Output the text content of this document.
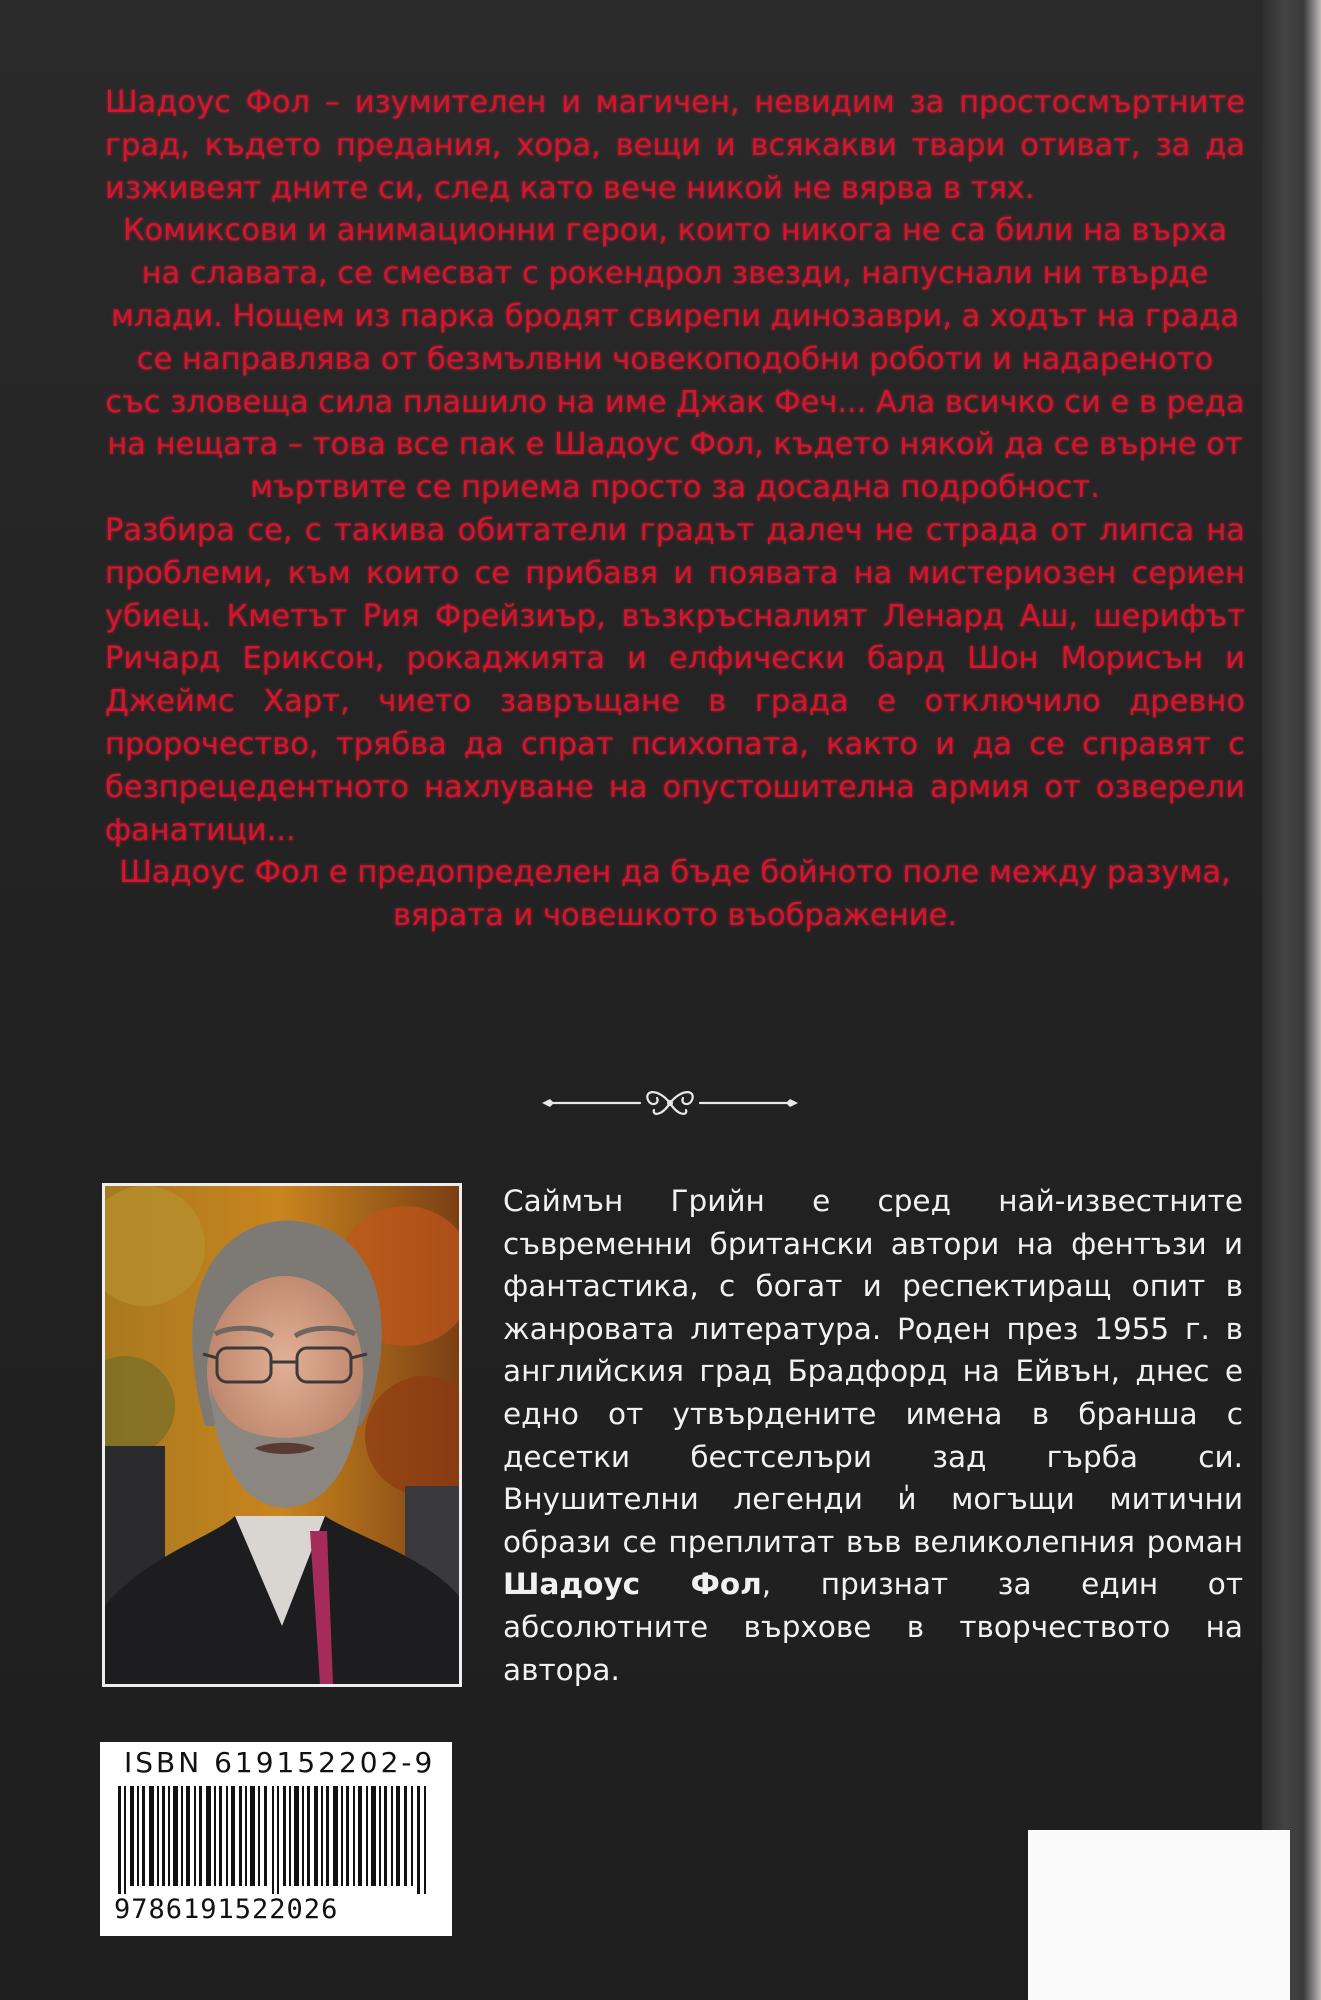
Шадоус Фол – изумителен и магичен, невидим за простосмъртните град, където предания, хора, вещи и всякакви твари отиват, за да изживеят дните си, след като вече никой не вярва в тях.

Комиксови и анимационни герои, които никога не са били на върха на славата, се смесват с рокендрол звезди, напуснали ни твърде млади. Нощем из парка бродят свирепи динозаври, а ходът на града се направлява от безмълвни човекоподобни роботи и надареното със зловеща сила плашило на име Джак Феч... Ала всичко си е в реда на нещата – това все пак е Шадоус Фол, където някой да се върне от мъртвите се приема просто за досадна подробност.

Разбира се, с такива обитатели градът далеч не страда от липса на проблеми, към които се прибавя и появата на мистериозен сериен убиец. Кметът Рия Фрейзиър, възкръсналият Ленард Аш, шерифът Ричард Ериксон, рокаджията и елфически бард Шон Морисън и Джеймс Харт, чието завръщане в града е отключило древно пророчество, трябва да спрат психопата, както и да се справят с безпрецедентното нахлуване на опустошителна армия от озверели фанатици...

Шадоус Фол е предопределен да бъде бойното поле между разума, вярата и човешкото въображение.

Саймън Грийн е сред най-известните съвременни британски автори на фентъзи и фантастика, с богат и респектиращ опит в жанровата литература. Роден през 1955 г. в английския град Брадфорд на Ейвън, днес е едно от утвърдените имена в бранша с десетки бестселъри зад гърба си. Внушителни легенди и̍ могъщи митични образи се преплитат във великолепния роман Шадоус Фол, признат за един от абсолютните върхове в творчеството на автора.

ISBN 619152202-9
9786191522026
